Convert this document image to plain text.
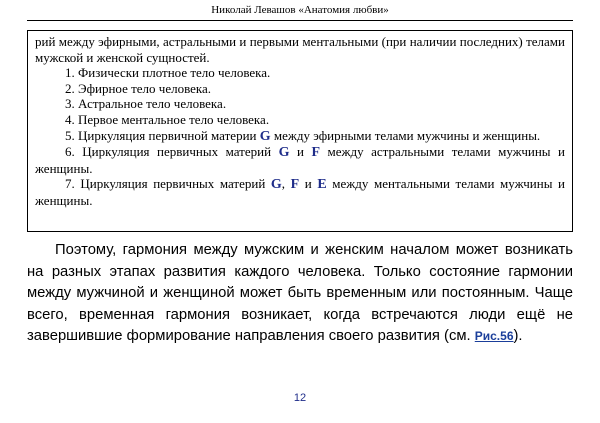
Николай Левашов «Анатомия любви»

рий между эфирными, астральными и первыми ментальными (при наличии последних) телами мужской и женской сущностей.

1. Физически плотное тело человека.

2. Эфирное тело человека.

3. Астральное тело человека.

4. Первое ментальное тело человека.

5. Циркуляция первичной материи G между эфирными телами мужчины и женщины.

6. Циркуляция первичных материй G и F между астральными телами мужчины и женщины.

7. Циркуляция первичных материй G, F и E между ментальными телами мужчины и женщины.

Поэтому, гармония между мужским и женским началом может возникать на разных этапах развития каждого человека. Только состояние гармонии между мужчиной и женщиной может быть временным или постоянным. Чаще всего, временная гармония возникает, когда встречаются люди ещё не завершившие формирование направления своего развития (см. Рис.56).

12
